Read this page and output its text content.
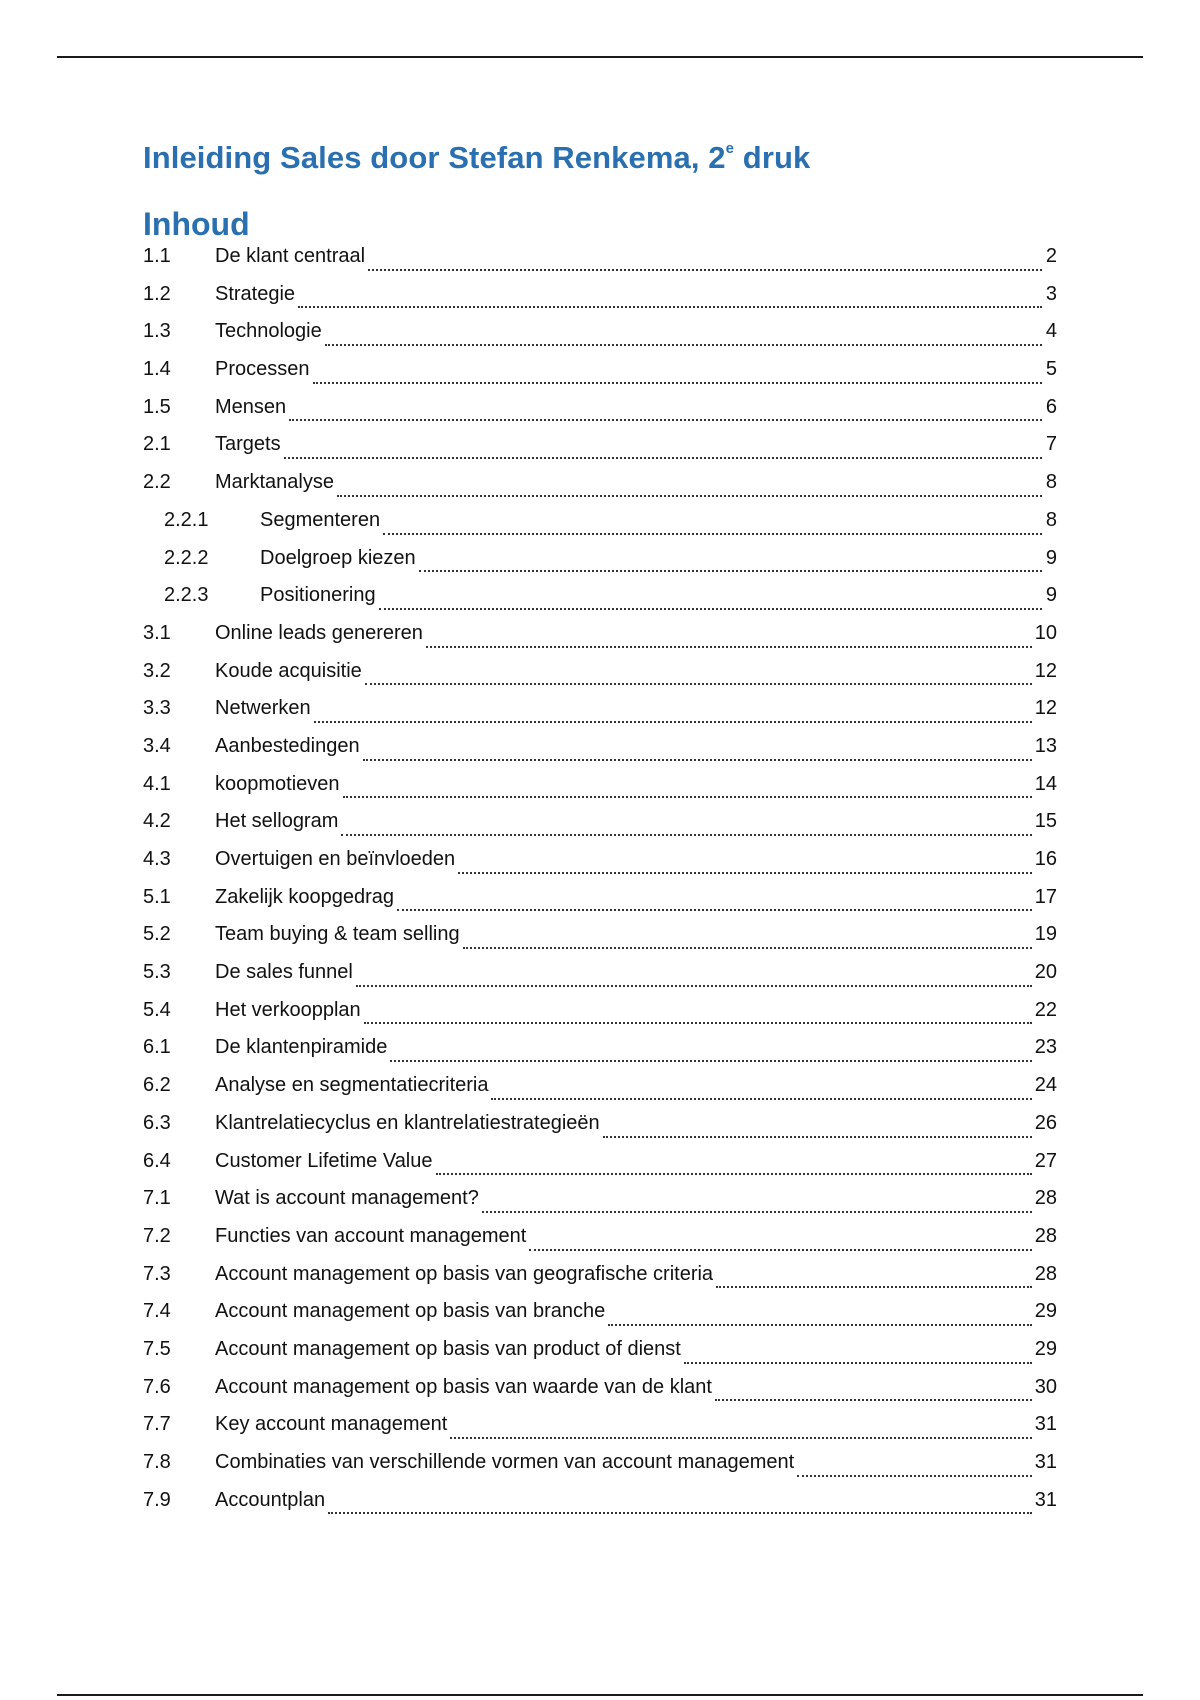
Inleiding Sales door Stefan Renkema, 2e druk
Inhoud
1.1	De klant centraal	2
1.2	Strategie	3
1.3	Technologie	4
1.4	Processen	5
1.5	Mensen	6
2.1	Targets	7
2.2	Marktanalyse	8
2.2.1	Segmenteren	8
2.2.2	Doelgroep kiezen	9
2.2.3	Positionering	9
3.1	Online leads genereren	10
3.2	Koude acquisitie	12
3.3	Netwerken	12
3.4	Aanbestedingen	13
4.1	koopmotieven	14
4.2	Het sellogram	15
4.3	Overtuigen en beïnvloeden	16
5.1	Zakelijk koopgedrag	17
5.2	Team buying & team selling	19
5.3	De sales funnel	20
5.4	Het verkoopplan	22
6.1	De klantenpiramide	23
6.2	Analyse en segmentatiecriteria	24
6.3	Klantrelatiecyclus en klantrelatiestrategieën	26
6.4	Customer Lifetime Value	27
7.1	Wat is account management?	28
7.2	Functies van account management	28
7.3	Account management op basis van geografische criteria	28
7.4	Account management op basis van branche	29
7.5	Account management op basis van product of dienst	29
7.6	Account management op basis van waarde van de klant	30
7.7	Key account management	31
7.8	Combinaties van verschillende vormen van account management	31
7.9	Accountplan	31
